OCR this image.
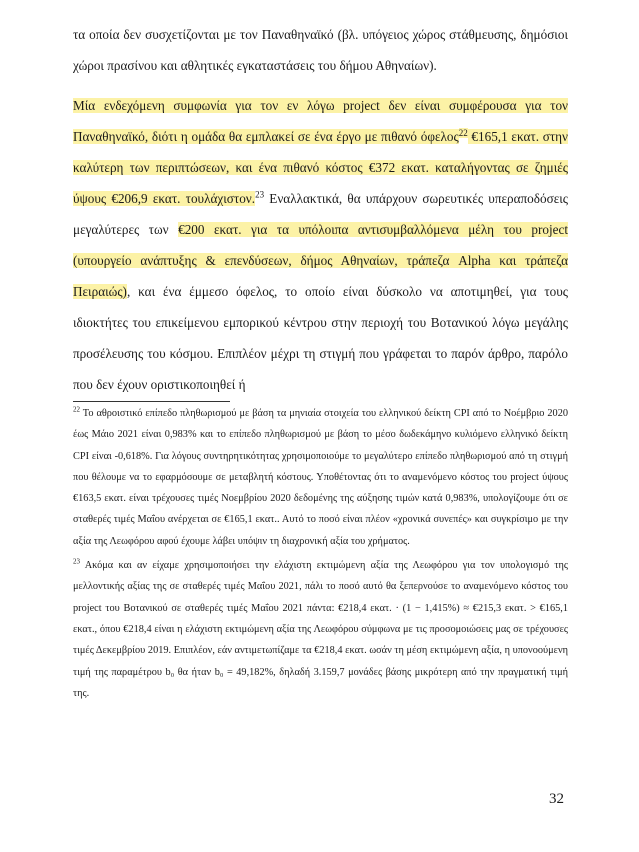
τα οποία δεν συσχετίζονται με τον Παναθηναϊκό (βλ. υπόγειος χώρος στάθμευσης, δημόσιοι χώροι πρασίνου και αθλητικές εγκαταστάσεις του δήμου Αθηναίων).

Μία ενδεχόμενη συμφωνία για τον εν λόγω project δεν είναι συμφέρουσα για τον Παναθηναϊκό, διότι η ομάδα θα εμπλακεί σε ένα έργο με πιθανό όφελος$^{22}$ €165,1 εκατ. στην καλύτερη των περιπτώσεων, και ένα πιθανό κόστος €372 εκατ. καταλήγοντας σε ζημιές ύψους €206,9 εκατ. τουλάχιστον.$^{23}$ Εναλλακτικά, θα υπάρχουν σωρευτικές υπεραποδόσεις μεγαλύτερες των €200 εκατ. για τα υπόλοιπα αντισυμβαλλόμενα μέλη του project (υπουργείο ανάπτυξης & επενδύσεων, δήμος Αθηναίων, τράπεζα Alpha και τράπεζα Πειραιώς), και ένα έμμεσο όφελος, το οποίο είναι δύσκολο να αποτιμηθεί, για τους ιδιοκτήτες του επικείμενου εμπορικού κέντρου στην περιοχή του Βοτανικού λόγω μεγάλης προσέλευσης του κόσμου. Επιπλέον μέχρι τη στιγμή που γράφεται το παρόν άρθρο, παρόλο που δεν έχουν οριστικοποιηθεί ή

$^{22}$ Το αθροιστικό επίπεδο πληθωρισμού με βάση τα μηνιαία στοιχεία του ελληνικού δείκτη CPI από το Νοέμβριο 2020 έως Μάιο 2021 είναι 0,983% και το επίπεδο πληθωρισμού με βάση το μέσο δωδεκάμηνο κυλιόμενο ελληνικό δείκτη CPI είναι -0,618%. Για λόγους συντηρητικότητας χρησιμοποιούμε το μεγαλύτερο επίπεδο πληθωρισμού από τη στιγμή που θέλουμε να το εφαρμόσουμε σε μεταβλητή κόστους. Υποθέτοντας ότι το αναμενόμενο κόστος του project ύψους €163,5 εκατ. είναι τρέχουσες τιμές Νοεμβρίου 2020 δεδομένης της αύξησης τιμών κατά 0,983%, υπολογίζουμε ότι σε σταθερές τιμές Μαΐου ανέρχεται σε €165,1 εκατ.. Αυτό το ποσό είναι πλέον «χρονικά συνεπές» και συγκρίσιμο με την αξία της Λεωφόρου αφού έχουμε λάβει υπόψιν τη διαχρονική αξία του χρήματος.

$^{23}$ Ακόμα και αν είχαμε χρησιμοποιήσει την ελάχιστη εκτιμώμενη αξία της Λεωφόρου για τον υπολογισμό της μελλοντικής αξίας της σε σταθερές τιμές Μαΐου 2021, πάλι το ποσό αυτό θα ξεπερνούσε το αναμενόμενο κόστος του project του Βοτανικού σε σταθερές τιμές Μαΐου 2021 πάντα: €218,4 εκατ. · (1 − 1,415%) ≈ €215,3 εκατ. > €165,1 εκατ., όπου €218,4 είναι η ελάχιστη εκτιμώμενη αξία της Λεωφόρου σύμφωνα με τις προσομοιώσεις μας σε τρέχουσες τιμές Δεκεμβρίου 2019. Επιπλέον, εάν αντιμετωπίζαμε τα €218,4 εκατ. ωσάν τη μέση εκτιμώμενη αξία, η υπονοούμενη τιμή της παραμέτρου b₀ θα ήταν b₀ = 49,182%, δηλαδή 3.159,7 μονάδες βάσης μικρότερη από την πραγματική τιμή της.

32
